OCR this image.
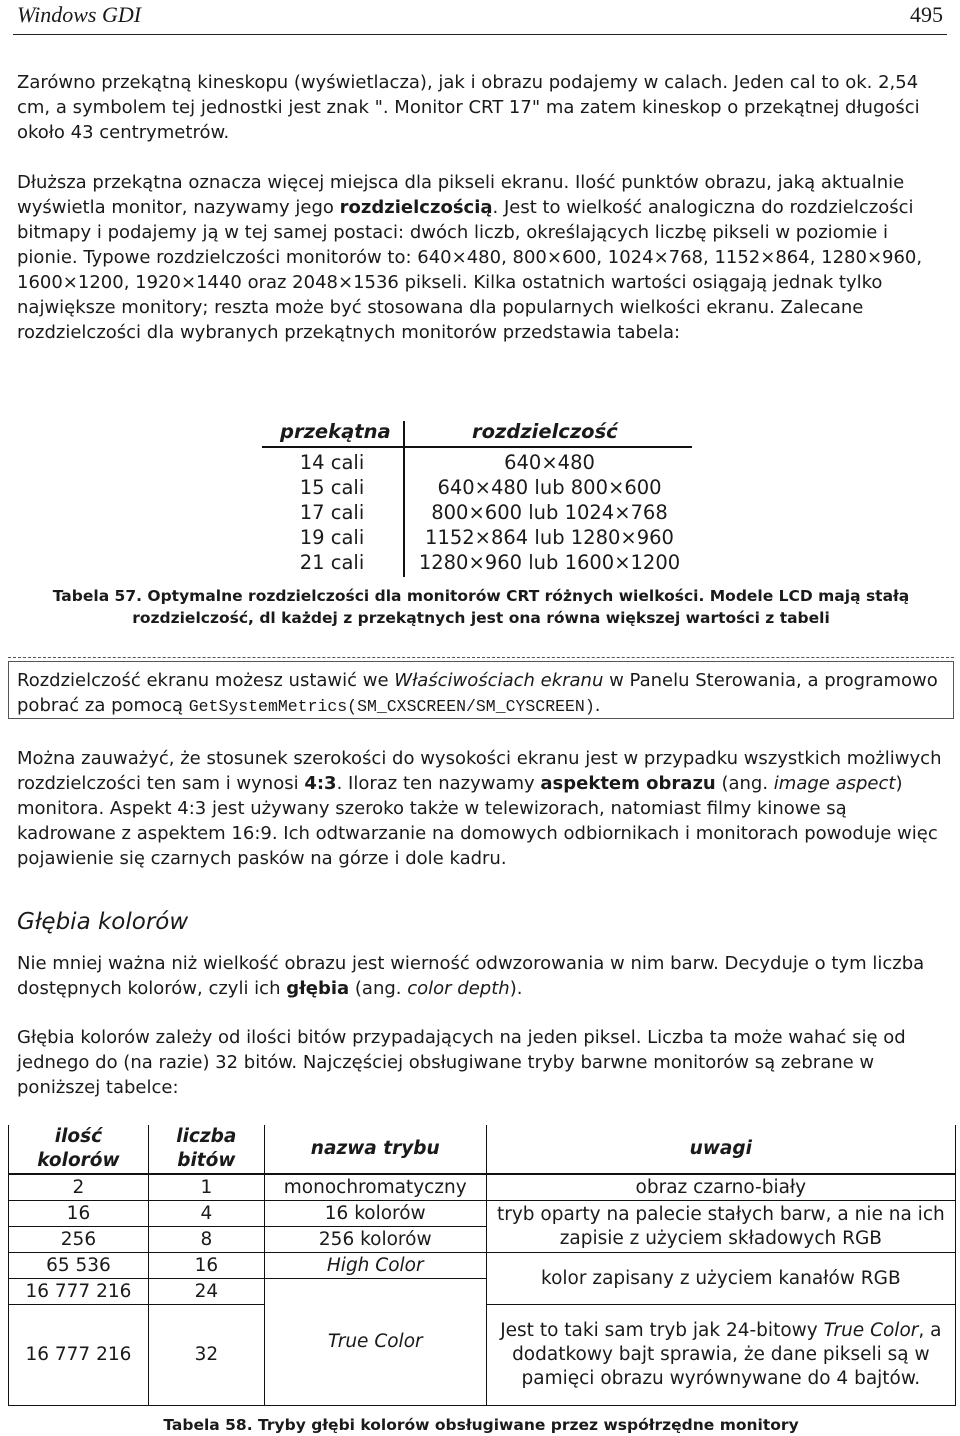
Windows GDI	495

Zarówno przekątną kineskopu (wyświetlacza), jak i obrazu podajemy w calach. Jeden cal to ok. 2,54 cm, a symbolem tej jednostki jest znak ". Monitor CRT 17" ma zatem kineskop o przekątnej długości około 43 centrymetrów.

Dłuższa przekątna oznacza więcej miejsca dla pikseli ekranu. Ilość punktów obrazu, jaką aktualnie wyświetla monitor, nazywamy jego rozdzielczością. Jest to wielkość analogiczna do rozdzielczości bitmapy i podajemy ją w tej samej postaci: dwóch liczb, określających liczbę pikseli w poziomie i pionie. Typowe rozdzielczości monitorów to: 640×480, 800×600, 1024×768, 1152×864, 1280×960, 1600×1200, 1920×1440 oraz 2048×1536 pikseli. Kilka ostatnich wartości osiągają jednak tylko największe monitory; reszta może być stosowana dla popularnych wielkości ekranu. Zalecane rozdzielczości dla wybranych przekątnych monitorów przedstawia tabela:

przekątna	rozdzielczość
14 cali	640×480
15 cali	640×480 lub 800×600
17 cali	800×600 lub 1024×768
19 cali	1152×864 lub 1280×960
21 cali	1280×960 lub 1600×1200
Tabela 57. Optymalne rozdzielczości dla monitorów CRT różnych wielkości. Modele LCD mają stałą rozdzielczość, dl każdej z przekątnych jest ona równa większej wartości z tabeli

Rozdzielczość ekranu możesz ustawić we Właściwościach ekranu w Panelu Sterowania, a programowo pobrać za pomocą GetSystemMetrics(SM_CXSCREEN/SM_CYSCREEN).

Można zauważyć, że stosunek szerokości do wysokości ekranu jest w przypadku wszystkich możliwych rozdzielczości ten sam i wynosi 4:3. Iloraz ten nazywamy aspektem obrazu (ang. image aspect) monitora. Aspekt 4:3 jest używany szeroko także w telewizorach, natomiast filmy kinowe są kadrowane z aspektem 16:9. Ich odtwarzanie na domowych odbiornikach i monitorach powoduje więc pojawienie się czarnych pasków na górze i dole kadru.

Głębia kolorów

Nie mniej ważna niż wielkość obrazu jest wierność odwzorowania w nim barw. Decyduje o tym liczba dostępnych kolorów, czyli ich głębia (ang. color depth).

Głębia kolorów zależy od ilości bitów przypadających na jeden piksel. Liczba ta może wahać się od jednego do (na razie) 32 bitów. Najczęściej obsługiwane tryby barwne monitorów są zebrane w poniższej tabelce:

ilość kolorów	liczba bitów	nazwa trybu	uwagi
2	1	monochromatyczny	obraz czarno-biały
16	4	16 kolorów	tryb oparty na palecie stałych barw, a nie na ich zapisie z użyciem składowych RGB
256	8	256 kolorów	
65 536	16	High Color	kolor zapisany z użyciem kanałów RGB
16 777 216	24	True Color	
16 777 216	32		Jest to taki sam tryb jak 24-bitowy True Color, a dodatkowy bajt sprawia, że dane pikseli są w pamięci obrazu wyrównywane do 4 bajtów.
Tabela 58. Tryby głębi kolorów obsługiwane przez współrzędne monitory
